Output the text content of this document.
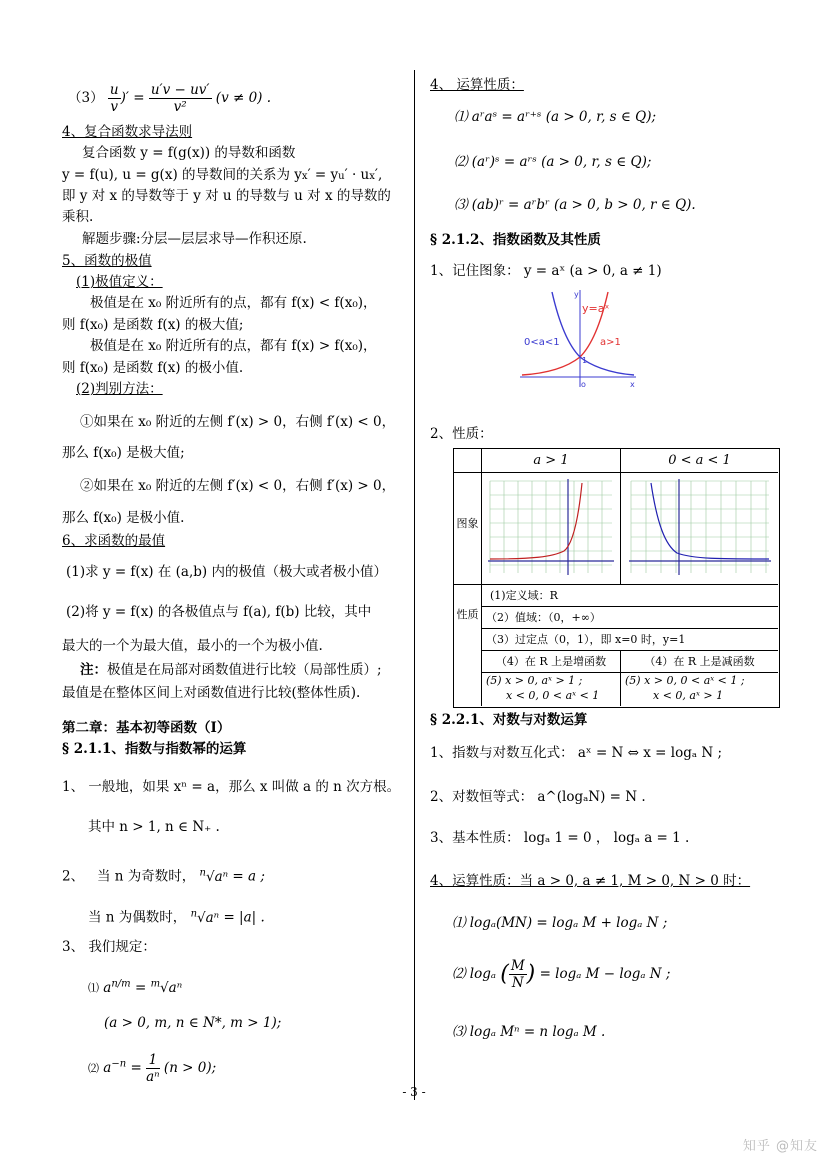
$(3) \frac{u}{v}$ )′ = $\frac{u'v - uv'}{\text{v²}} (v \ne 0)$ .
4、复合函数求导法则
复合函数 y = f(g(x)) 的导数和函数
y = f(u), u = g(x) 的导数间的关系为 yx′ = yu′ · ux′,
即 y 对 x 的导数等于 y 对 u 的导数与 u 对 x 的导数的
乘积.
解题步骤:分层—层层求导—作积还原.
5、函数的极值
(1)极值定义：
极值是在 x₀ 附近所有的点，都有 f(x) < f(x₀)，
则 f(x₀) 是函数 f(x) 的极大值;
极值是在 x₀ 附近所有的点，都有 f(x) > f(x₀)，
则 f(x₀) 是函数 f(x) 的极小值.
(2)判别方法：
①如果在 x₀ 附近的左侧 f′(x) > 0，右侧 f′(x) < 0，
那么 f(x₀) 是极大值;
②如果在 x₀ 附近的左侧 f′(x) < 0，右侧 f′(x) > 0，
那么 f(x₀) 是极小值.
6、求函数的最值
(1)求 y = f(x) 在 (a,b) 内的极值（极大或者极小值）
(2)将 y = f(x) 的各极值点与 f(a), f(b) 比较，其中
最大的一个为最大值，最小的一个为极小值.
注：极值是在局部对函数值进行比较（局部性质）;
最值是在整体区间上对函数值进行比较(整体性质).
第二章：基本初等函数（Ⅰ）
§ 2.1.1、指数与指数幂的运算
1、 一般地，如果 xⁿ = a，那么 x 叫做 a 的 n 次方根。
其中 n > 1, n ∈ N₊ .
2、 当 n 为奇数时， $^n$√aⁿ = a ;
当 n 为偶数时， $^n$√aⁿ = |a| .
3、 我们规定：
⑴ $a^{n/m} = ^m√a^n$
(a > 0, m, n ∈ N*, m > 1);
⑵ $a^{-n} = \frac{1}{\text{aⁿ}} (n > 0)$;
4、 运算性质：
⑴ aʳaˢ = aʳ⁺ˢ (a > 0, r, s ∈ Q);
⑵ (aʳ)ˢ = aʳˢ (a > 0, r, s ∈ Q);
⑶ (ab)ʳ = aʳbʳ (a > 0, b > 0, r ∈ Q).
§ 2.1.2、指数函数及其性质
1、记住图象： y = aˣ (a > 0, a ≠ 1)
y=aˣ
a>1
0<a<1
y
x
o
1
2、性质：
a > 1	0 < a < 1
图象
性质
(1)定义域：R
（2）值域：（0，+∞）
（3）过定点（0，1），即 x=0 时，y=1
（4）在 R 上是增函数	（4）在 R 上是减函数
(5) x > 0, aˣ > 1 ;
x < 0, 0 < aˣ < 1
(5) x > 0, 0 < aˣ < 1 ;
x < 0, aˣ > 1
§ 2.2.1、对数与对数运算
1、指数与对数互化式： aˣ = N ⇔ x = logₐ N ;
2、对数恒等式： a^(logₐN) = N .
3、基本性质： logₐ 1 = 0 ， logₐ a = 1 .
4、运算性质：当 a > 0, a ≠ 1, M > 0, N > 0 时：
⑴ logₐ(MN) = logₐ M + logₐ N ;
⑵ logₐ ( $\frac{M}{N}$ ) = logₐ M − logₐ N ;
⑶ logₐ Mⁿ = n logₐ M .
- 3 -
知乎 @知友
